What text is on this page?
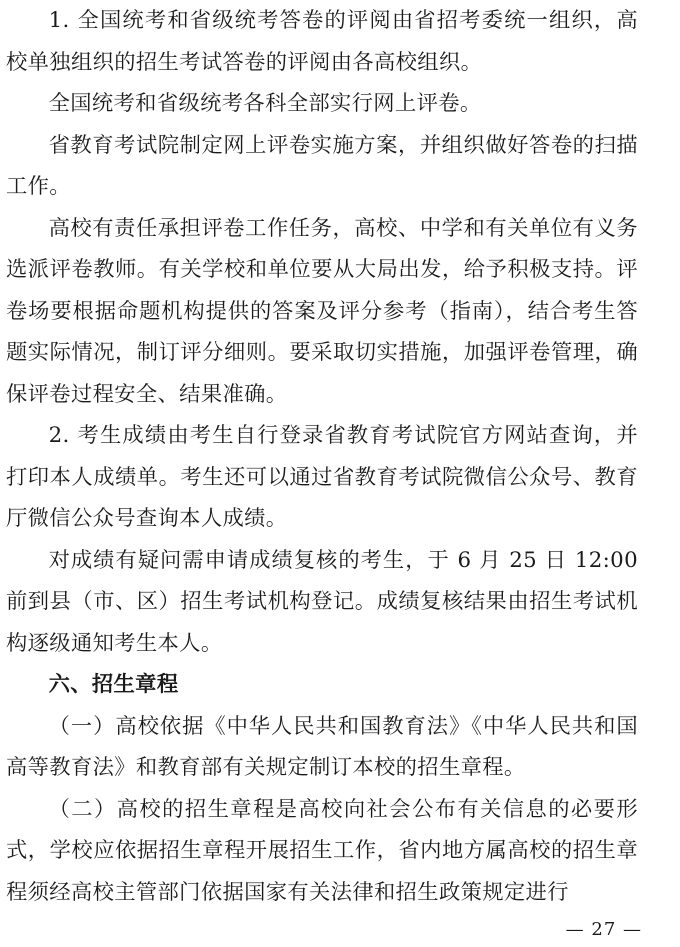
1. 全国统考和省级统考答卷的评阅由省招考委统一组织，高校单独组织的招生考试答卷的评阅由各高校组织。

全国统考和省级统考各科全部实行网上评卷。

省教育考试院制定网上评卷实施方案，并组织做好答卷的扫描工作。

高校有责任承担评卷工作任务，高校、中学和有关单位有义务选派评卷教师。有关学校和单位要从大局出发，给予积极支持。评卷场要根据命题机构提供的答案及评分参考（指南），结合考生答题实际情况，制订评分细则。要采取切实措施，加强评卷管理，确保评卷过程安全、结果准确。

2. 考生成绩由考生自行登录省教育考试院官方网站查询，并打印本人成绩单。考生还可以通过省教育考试院微信公众号、教育厅微信公众号查询本人成绩。

对成绩有疑问需申请成绩复核的考生，于 6 月 25 日 12:00 前到县（市、区）招生考试机构登记。成绩复核结果由招生考试机构逐级通知考生本人。

六、招生章程

（一）高校依据《中华人民共和国教育法》《中华人民共和国高等教育法》和教育部有关规定制订本校的招生章程。

（二）高校的招生章程是高校向社会公布有关信息的必要形式，学校应依据招生章程开展招生工作，省内地方属高校的招生章程须经高校主管部门依据国家有关法律和招生政策规定进行

— 27 —
